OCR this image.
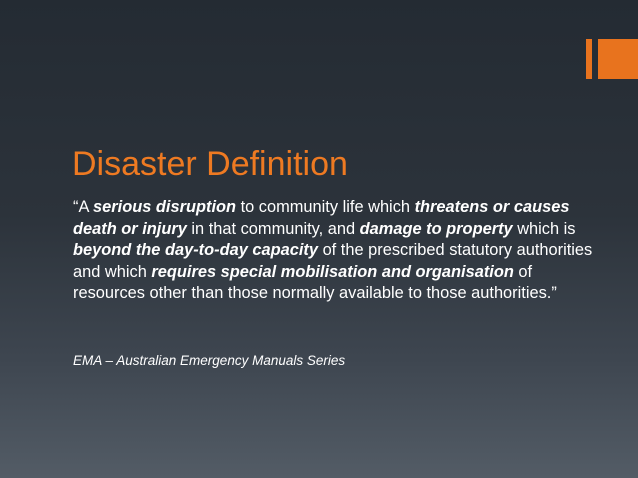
Disaster Definition

“A serious disruption to community life which threatens or causes death or injury in that community, and damage to property which is beyond the day-to-day capacity of the prescribed statutory authorities and which requires special mobilisation and organisation of resources other than those normally available to those authorities.”

EMA – Australian Emergency Manuals Series
